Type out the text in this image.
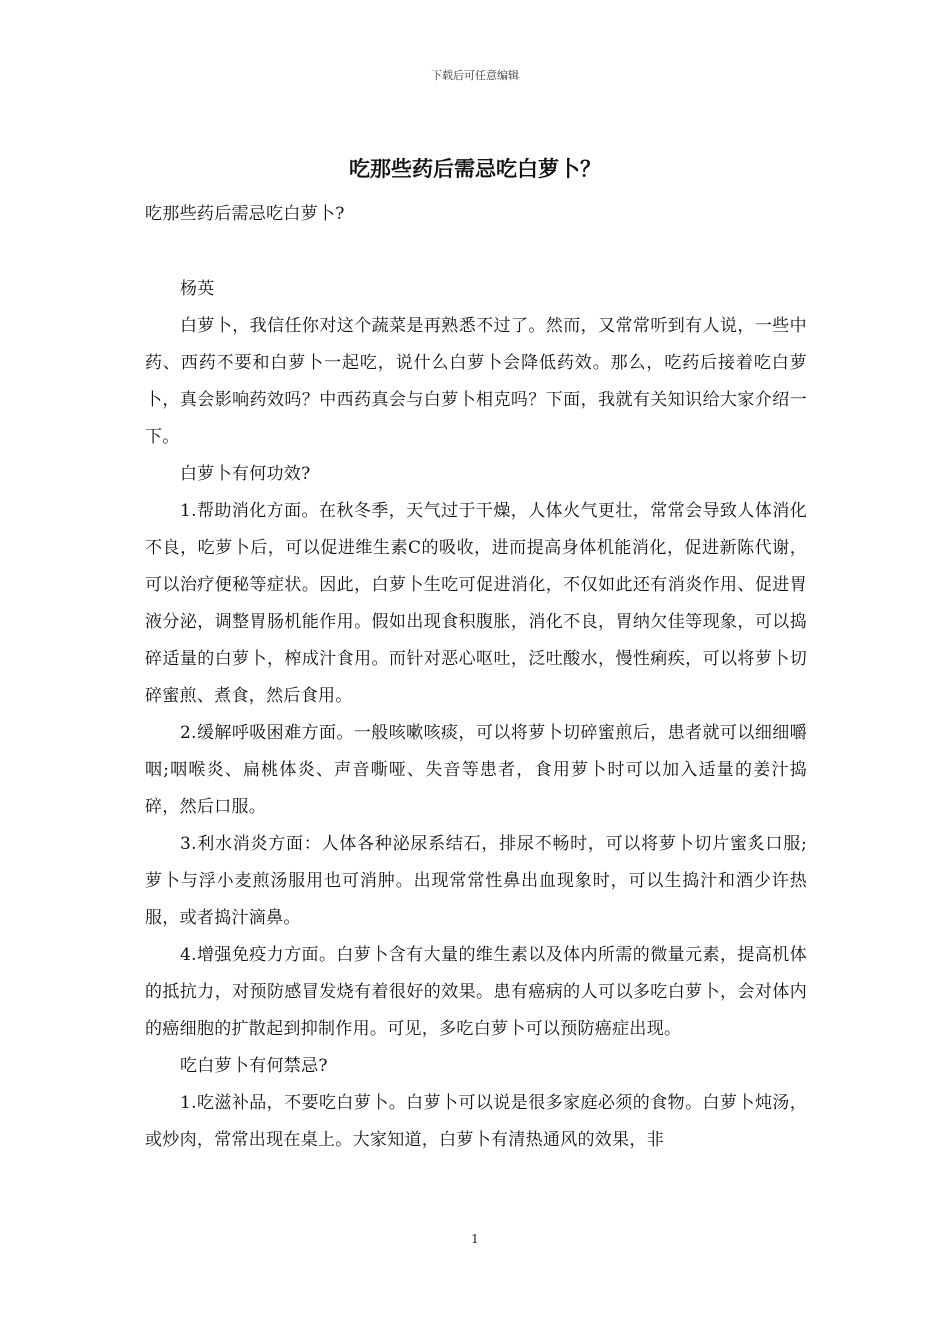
下载后可任意编辑
吃那些药后需忌吃白萝卜？

吃那些药后需忌吃白萝卜?

杨英

白萝卜，我信任你对这个蔬菜是再熟悉不过了。然而，又常常听到有人说，一些中药、西药不要和白萝卜一起吃，说什么白萝卜会降低药效。那么，吃药后接着吃白萝卜，真会影响药效吗？中西药真会与白萝卜相克吗？下面，我就有关知识给大家介绍一下。

白萝卜有何功效?

1.帮助消化方面。在秋冬季，天气过于干燥，人体火气更壮，常常会导致人体消化不良，吃萝卜后，可以促进维生素C的吸收，进而提高身体机能消化，促进新陈代谢，可以治疗便秘等症状。因此，白萝卜生吃可促进消化，不仅如此还有消炎作用、促进胃液分泌，调整胃肠机能作用。假如出现食积腹胀，消化不良，胃纳欠佳等现象，可以捣碎适量的白萝卜，榨成汁食用。而针对恶心呕吐，泛吐酸水，慢性痢疾，可以将萝卜切碎蜜煎、煮食，然后食用。

2.缓解呼吸困难方面。一般咳嗽咳痰，可以将萝卜切碎蜜煎后，患者就可以细细嚼咽;咽喉炎、扁桃体炎、声音嘶哑、失音等患者，食用萝卜时可以加入适量的姜汁捣碎，然后口服。

3.利水消炎方面：人体各种泌尿系结石，排尿不畅时，可以将萝卜切片蜜炙口服;萝卜与浮小麦煎汤服用也可消肿。出现常常性鼻出血现象时，可以生捣汁和酒少许热服，或者捣汁滴鼻。

4.增强免疫力方面。白萝卜含有大量的维生素以及体内所需的微量元素，提高机体的抵抗力，对预防感冒发烧有着很好的效果。患有癌病的人可以多吃白萝卜，会对体内的癌细胞的扩散起到抑制作用。可见，多吃白萝卜可以预防癌症出现。

吃白萝卜有何禁忌?

1.吃滋补品，不要吃白萝卜。白萝卜可以说是很多家庭必须的食物。白萝卜炖汤，或炒肉，常常出现在桌上。大家知道，白萝卜有清热通风的效果，非

1
